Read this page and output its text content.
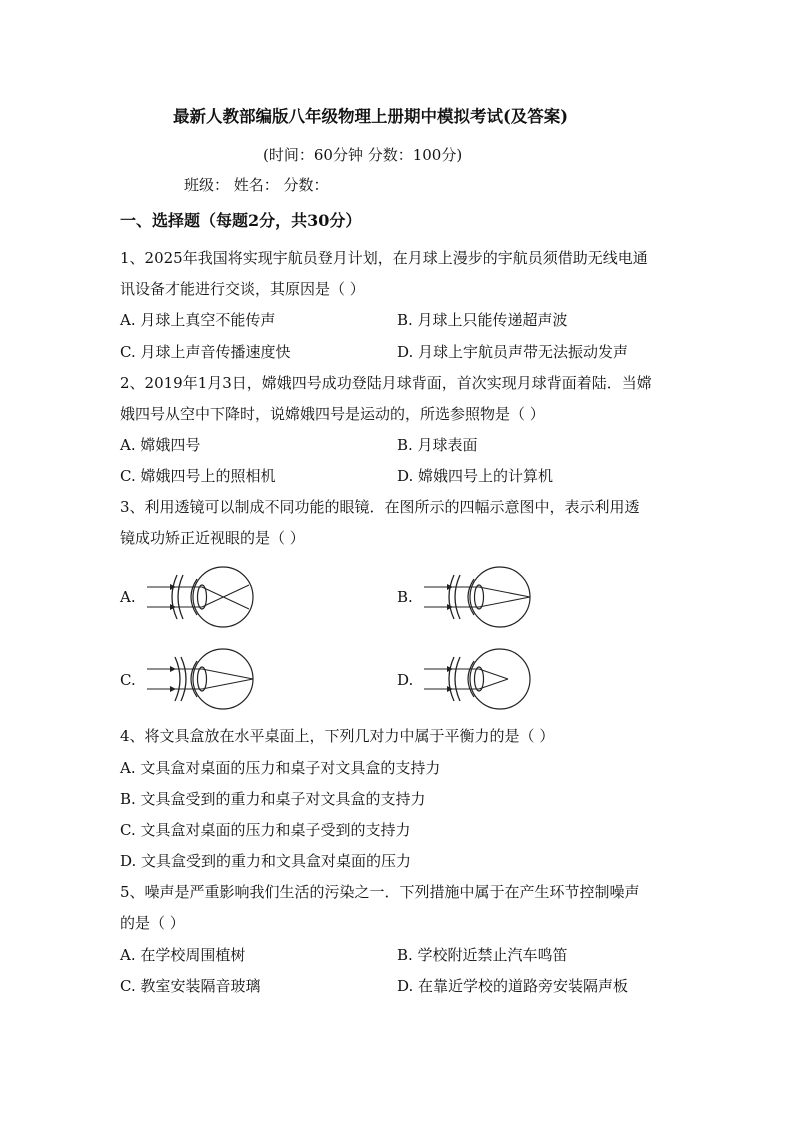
最新人教部编版八年级物理上册期中模拟考试(及答案)
(时间：60分钟 分数：100分)
班级： 姓名： 分数：
一、选择题（每题2分，共30分）
1、2025年我国将实现宇航员登月计划，在月球上漫步的宇航员须借助无线电通
讯设备才能进行交谈，其原因是（ ）
A. 月球上真空不能传声	B. 月球上只能传递超声波
C. 月球上声音传播速度快	D. 月球上宇航员声带无法振动发声
2、2019年1月3日，嫦娥四号成功登陆月球背面，首次实现月球背面着陆．当嫦
娥四号从空中下降时，说嫦娥四号是运动的，所选参照物是（ ）
A. 嫦娥四号	B. 月球表面
C. 嫦娥四号上的照相机	D. 嫦娥四号上的计算机
3、利用透镜可以制成不同功能的眼镜．在图所示的四幅示意图中，表示利用透
镜成功矫正近视眼的是（ ）
A.	B.
C.	D.
4、将文具盒放在水平桌面上，下列几对力中属于平衡力的是（ ）
A. 文具盒对桌面的压力和桌子对文具盒的支持力
B. 文具盒受到的重力和桌子对文具盒的支持力
C. 文具盒对桌面的压力和桌子受到的支持力
D. 文具盒受到的重力和文具盒对桌面的压力
5、噪声是严重影响我们生活的污染之一．下列措施中属于在产生环节控制噪声
的是（ ）
A. 在学校周围植树	B. 学校附近禁止汽车鸣笛
C. 教室安装隔音玻璃	D. 在靠近学校的道路旁安装隔声板
